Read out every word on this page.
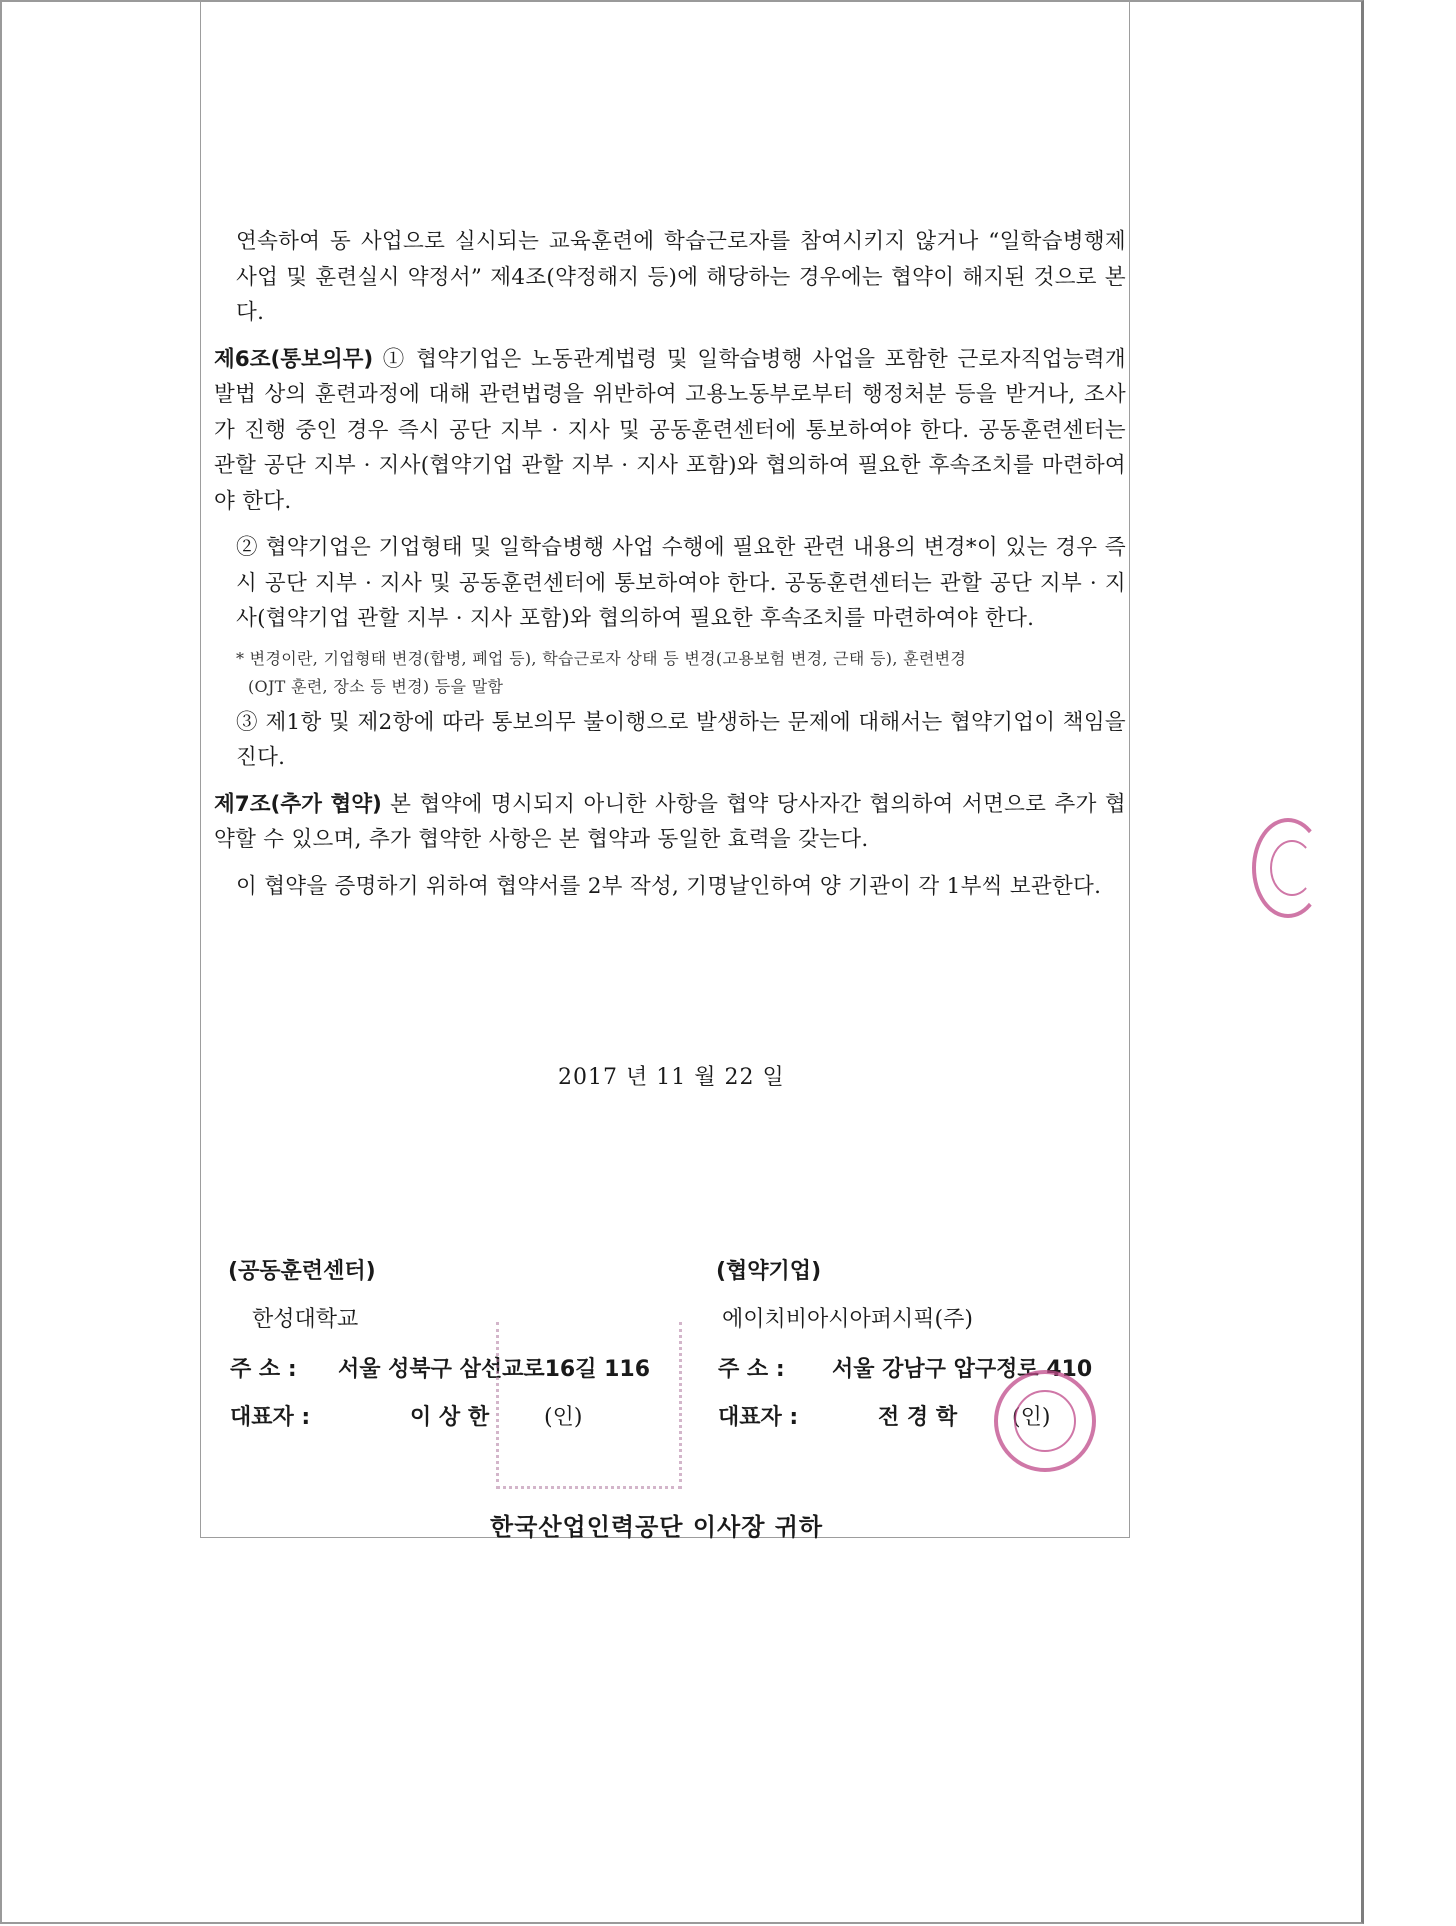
연속하여 동 사업으로 실시되는 교육훈련에 학습근로자를 참여시키지 않거나 “일학습병행제 사업 및 훈련실시 약정서” 제4조(약정해지 등)에 해당하는 경우에는 협약이 해지된 것으로 본다.

제6조(통보의무) ① 협약기업은 노동관계법령 및 일학습병행 사업을 포함한 근로자직업능력개발법 상의 훈련과정에 대해 관련법령을 위반하여 고용노동부로부터 행정처분 등을 받거나, 조사가 진행 중인 경우 즉시 공단 지부 · 지사 및 공동훈련센터에 통보하여야 한다. 공동훈련센터는 관할 공단 지부 · 지사(협약기업 관할 지부 · 지사 포함)와 협의하여 필요한 후속조치를 마련하여야 한다.

② 협약기업은 기업형태 및 일학습병행 사업 수행에 필요한 관련 내용의 변경*이 있는 경우 즉시 공단 지부 · 지사 및 공동훈련센터에 통보하여야 한다. 공동훈련센터는 관할 공단 지부 · 지사(협약기업 관할 지부 · 지사 포함)와 협의하여 필요한 후속조치를 마련하여야 한다.

* 변경이란, 기업형태 변경(합병, 폐업 등), 학습근로자 상태 등 변경(고용보험 변경, 근태 등), 훈련변경
(OJT 훈련, 장소 등 변경) 등을 말함

③ 제1항 및 제2항에 따라 통보의무 불이행으로 발생하는 문제에 대해서는 협약기업이 책임을 진다.

제7조(추가 협약) 본 협약에 명시되지 아니한 사항을 협약 당사자간 협의하여 서면으로 추가 협약할 수 있으며, 추가 협약한 사항은 본 협약과 동일한 효력을 갖는다.

이 협약을 증명하기 위하여 협약서를 2부 작성, 기명날인하여 양 기관이 각 1부씩 보관한다.

2017 년 11 월 22 일
(공동훈련센터)
한성대학교
주 소 : 서울 성북구 삼선교로16길 116
대표자 :	이 상 한 (인)
(협약기업)
에이치비아시아퍼시픽(주)
주 소 : 서울 강남구 압구정로 410
대표자 :	전 경 학 (인)
한국산업인력공단 이사장 귀하
